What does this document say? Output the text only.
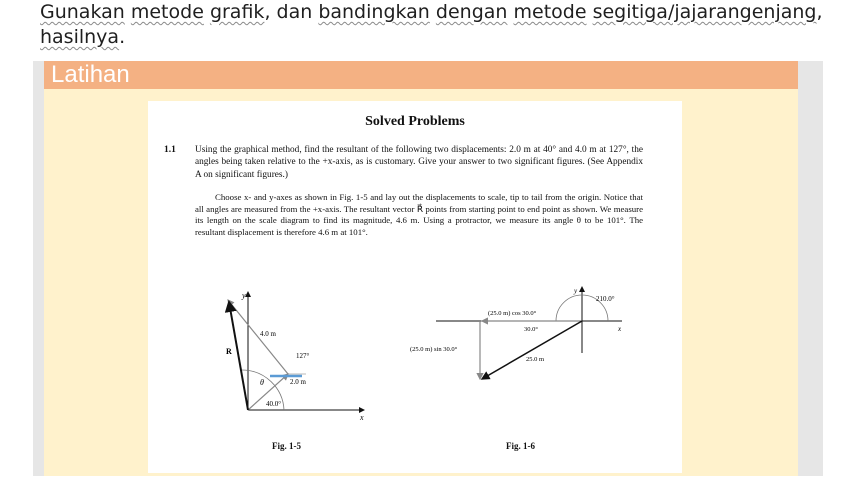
Gunakan metode grafik, dan bandingkan dengan metode segitiga/jajarangenjang,
hasilnya.
Latihan
Solved Problems
1.1 Using the graphical method, find the resultant of the following two displacements: 2.0 m at 40° and 4.0 m at 127°, the angles being taken relative to the +x-axis, as is customary. Give your answer to two significant figures. (See Appendix A on significant figures.)
Choose x- and y-axes as shown in Fig. 1-5 and lay out the displacements to scale, tip to tail from the origin. Notice that all angles are measured from the +x-axis. The resultant vector R⃗ points from starting point to end point as shown. We measure its length on the scale diagram to find its magnitude, 4.6 m. Using a protractor, we measure its angle θ to be 101°. The resultant displacement is therefore 4.6 m at 101°.
y
x
4.0 m
127°
R⃗
θ	2.0 m
40.0°
Fig. 1-5
y
x
210.0°
(25.0 m) cos 30.0°
30.0°
(25.0 m) sin 30.0°
25.0 m
Fig. 1-6
